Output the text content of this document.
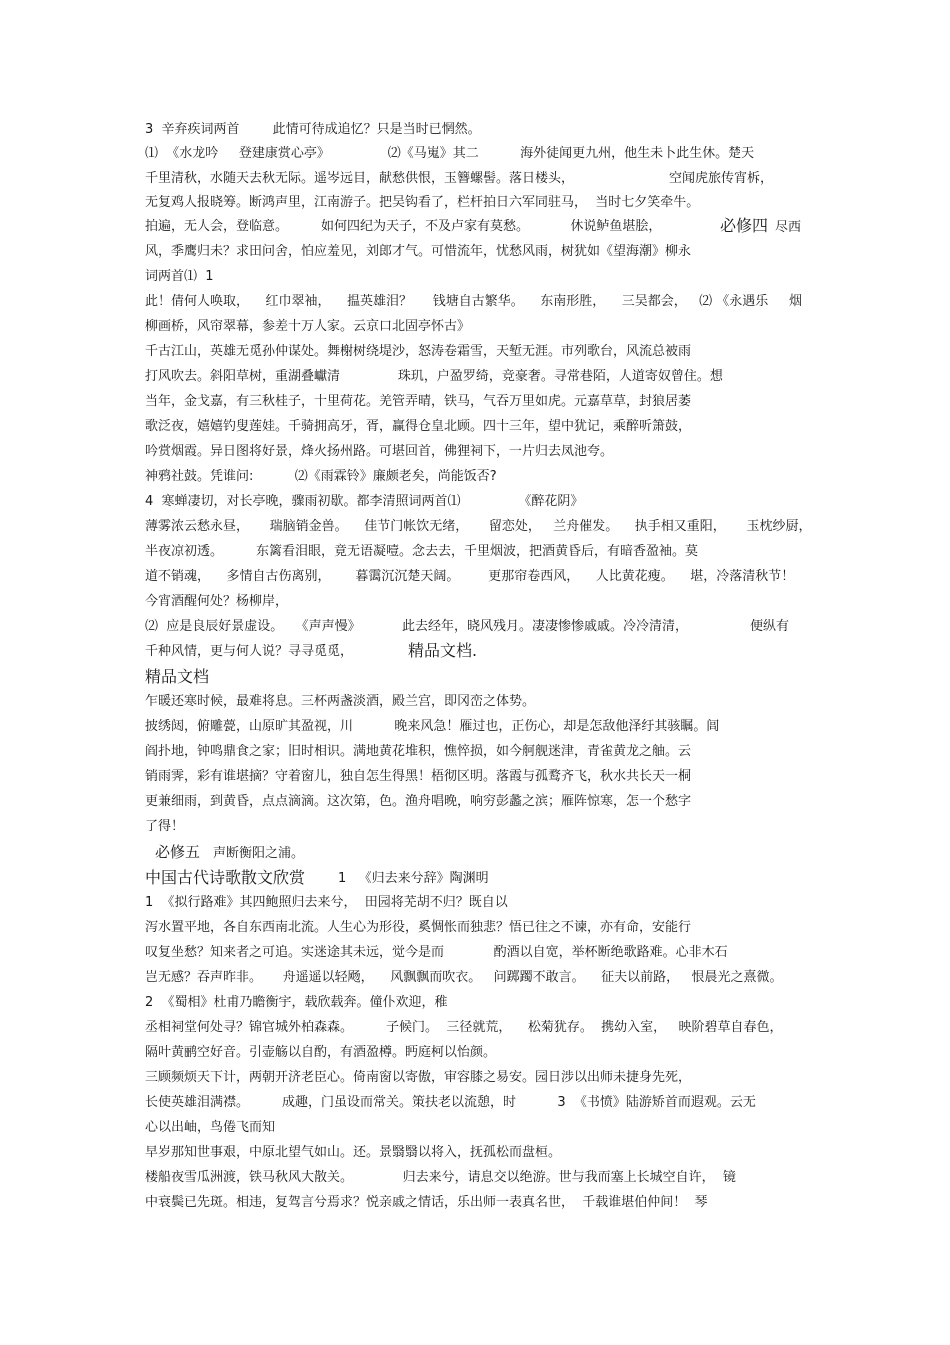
3  辛弃疾词两首        此情可待成追忆？只是当时已惘然。
⑴  《水龙吟     登建康赏心亭》              ⑵《马嵬》其二          海外徒闻更九州，他生未卜此生休。楚天
千里清秋，水随天去秋无际。遥岑远目，献愁供恨，玉簪螺髻。落日楼头，                       空闻虎旅传宵柝，
无复鸡人报晓筹。断鸿声里，江南游子。把吴钩看了，栏杆拍日六军同驻马，  当时七夕笑牵牛。
拍遍，无人会，登临意。        如何四纪为天子，不及卢家有莫愁。          休说鲈鱼堪脍，	必修四 尽西
风，季鹰归未？求田问舍，怕应羞见，刘郎才气。可惜流年，忧愁风雨，树犹如《望海潮》柳永
词两首⑴  1
此！倩何人唤取，    红巾翠袖，    揾英雄泪？     钱塘自古繁华。    东南形胜，    三吴都会，   ⑵ 《永遇乐     烟
柳画桥，风帘翠幕，参差十万人家。云京口北固亭怀古》
千古江山，英雄无觅孙仲谋处。舞榭树绕堤沙，怒涛卷霜雪，天堑无涯。市列歌台，风流总被雨
打风吹去。斜阳草树，重湖叠巘清              珠玑，户盈罗绮，竞豪奢。寻常巷陌，人道寄奴曾住。想
当年，金戈嘉，有三秋桂子，十里荷花。羌管弄晴，铁马，气吞万里如虎。元嘉草草，封狼居萎
歌泛夜，嬉嬉钓叟莲娃。千骑拥高牙，胥，赢得仓皇北顾。四十三年，望中犹记，乘醉听箫鼓，
吟赏烟霞。异日图将好景，烽火扬州路。可堪回首，佛狸祠下，一片归去凤池夸。
神鸦社鼓。凭谁问:          ⑵《雨霖铃》廉颇老矣，尚能饭否?
4  寒蝉凄切，对长亭晚，骤雨初歇。都李清照词两首⑴              《醉花阴》
薄雾浓云愁永昼，     瑞脑销金兽。    佳节门帐饮无绪，     留恋处，   兰舟催发。    执手相又重阳，     玉枕纱厨，
半夜凉初透。        东篱看泪眼，竟无语凝噎。念去去，千里烟波，把酒黄昏后，有暗香盈袖。莫
道不销魂，    多情自古伤离别，      暮霭沉沉楚天阔。       更那帘卷西风，    人比黄花瘦。    堪，冷落清秋节！
今宵酒醒何处？杨柳岸，
⑵  应是良辰好景虚设。   《声声慢》          此去经年，晓风残月。凄凄惨惨戚戚。冷冷清清，               便纵有
千种风情，更与何人说？寻寻觅觅，	精品文档.
精品文档
乍暖还寒时候，最难将息。三杯两盏淡酒，殿兰宫，即冈峦之体势。
披绣闼，俯雕甍，山原旷其盈视，川          晚来风急！雁过也，正伤心，却是怎敌他泽纡其骇瞩。闾
阎扑地，钟鸣鼎食之家；旧时相识。满地黄花堆积，憔悴损，如今舸舰迷津，青雀黄龙之舳。云
销雨霁，彩有谁堪摘？守着窗儿，独自怎生得黑！梧彻区明。落霞与孤鹜齐飞，秋水共长天一桐
更兼细雨，到黄昏，点点滴滴。这次第，色。渔舟唱晚，响穷彭蠡之滨；雁阵惊寒，怎一个愁字
了得！
必修五 声断衡阳之浦。
中国古代诗歌散文欣赏	1   《归去来兮辞》陶渊明
1  《拟行路难》其四鲍照归去来兮，  田园将芜胡不归？既自以
泻水置平地，各自东西南北流。人生心为形役，奚惆怅而独悲？悟已往之不谏，亦有命，安能行
叹复坐愁？知来者之可追。实迷途其未远，觉今是而            酌酒以自宽，举杯断绝歌路难。心非木石
岂无感？吞声昨非。     舟遥遥以轻飏，    风飘飘而吹衣。   问踯躅不敢言。    征夫以前路，   恨晨光之熹微。
2  《蜀相》杜甫乃瞻衡宇，载欣载奔。僮仆欢迎，稚
丞相祠堂何处寻？锦官城外柏森森。        子候门。  三径就荒，    松菊犹存。  携幼入室，   映阶碧草自春色，
隔叶黄鹂空好音。引壶觞以自酌，有酒盈樽。眄庭柯以怡颜。
三顾频烦天下计，两朝开济老臣心。倚南窗以寄傲，审容膝之易安。园日涉以出师未捷身先死，
长使英雄泪满襟。        成趣，门虽设而常关。策扶老以流憩，时          3  《书愤》陆游矫首而遐观。云无
心以出岫，鸟倦飞而知
早岁那知世事艰，中原北望气如山。还。景翳翳以将入，抚孤松而盘桓。
楼船夜雪瓜洲渡，铁马秋风大散关。            归去来兮，请息交以绝游。世与我而塞上长城空自许，  镜
中衰鬓已先斑。相违，复驾言兮焉求？悦亲戚之情话，乐出师一表真名世，  千载谁堪伯仲间！  琴
